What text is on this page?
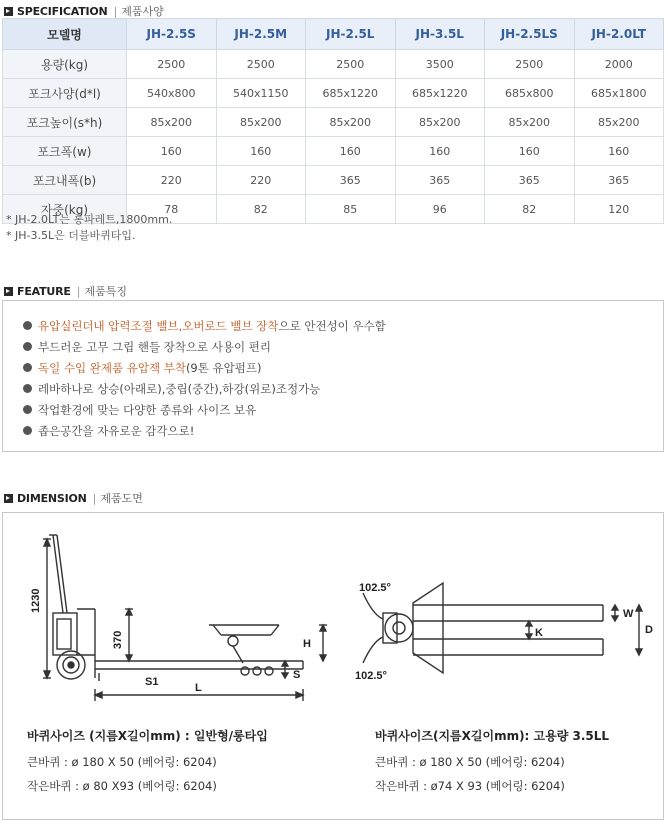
SPECIFICATION | 제품사양
모델명	JH-2.5S	JH-2.5M	JH-2.5L	JH-3.5L	JH-2.5LS	JH-2.0LT
용량(kg)	2500	2500	2500	3500	2500	2000
포크사양(d*l)	540x800	540x1150	685x1220	685x1220	685x800	685x1800
포크높이(s*h)	85x200	85x200	85x200	85x200	85x200	85x200
포크폭(w)	160	160	160	160	160	160
포크내폭(b)	220	220	365	365	365	365
자중(kg)	78	82	85	96	82	120
* JH-2.0LT는 롱파레트,1800mm.
* JH-3.5L은 더블바퀴타입.
FEATURE | 제품특징
유압실린더내 압력조절 밸브,오버로드 밸브 장착 으로 안전성이 우수함
부드러운 고무 그립 핸들 장착으로 사용이 편리
독일 수입 완제품 유압잭 부착 (9톤 유압펌프)
레바하나로 상승(아래로),중립(중간),하강(위로)조정가능
작업환경에 맞는 다양한 종류와 사이즈 보유
좁은공간을 자유로운 감각으로!
DIMENSION | 제품도면
1230
370	H
S
S1	L
102.5°
102.5°
W
K	D
바퀴사이즈 (지름X길이mm) : 일반형/롱타입
큰바퀴 : ø 180 X 50 (베어링: 6204)
작은바퀴 : ø 80 X93 (베어링: 6204)
바퀴사이즈(지름X길이mm): 고용량 3.5LL
큰바퀴 : ø 180 X 50 (베어링: 6204)
작은바퀴 : ø74 X 93 (베어링: 6204)
